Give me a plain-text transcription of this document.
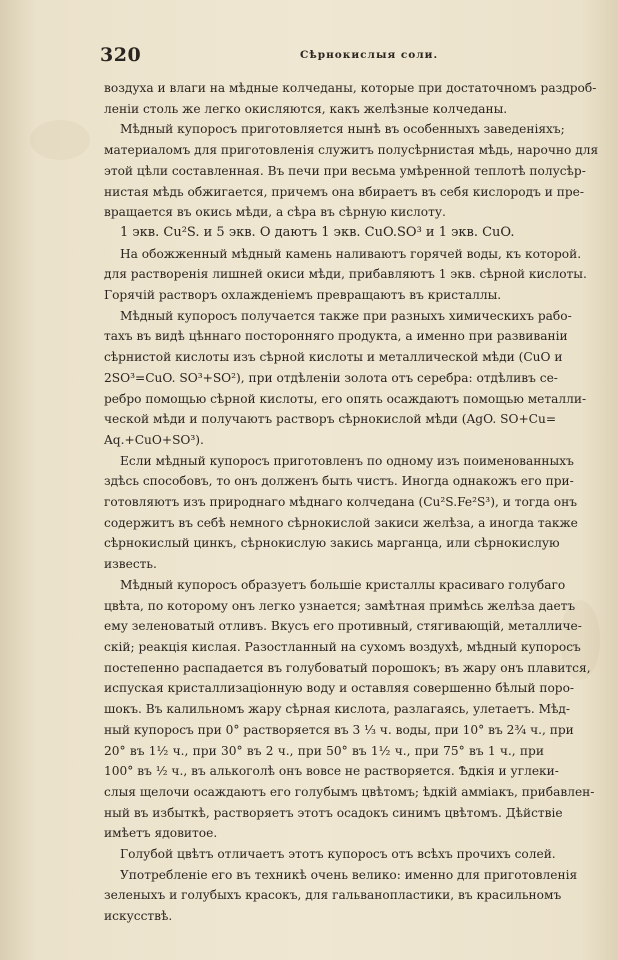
320	Сѣрнокислыя соли.
воздуха и влаги на мѣдные колчеданы, которые при достаточномъ раздроб-
леніи столь же легко окисляются, какъ желѣзные колчеданы.
Мѣдный купоросъ приготовляется нынѣ въ особенныхъ заведеніяхъ;
материаломъ для приготовленія служитъ полусѣрнистая мѣдь, нарочно для
этой цѣли составленная. Въ печи при весьма умѣренной теплотѣ полусѣр-
нистая мѣдь обжигается, причемъ она вбираетъ въ себя кислородъ и пре-
вращается въ окись мѣди, а сѣра въ сѣрную кислоту.
1 экв. Cu²S. и 5 экв. O даютъ 1 экв. CuO.SO³ и 1 экв. CuO.
На обожженный мѣдный камень наливаютъ горячей воды, къ которой.
для растворенія лишней окиси мѣди, прибавляютъ 1 экв. сѣрной кислоты.
Горячій растворъ охлажденіемъ превращаютъ въ кристаллы.
Мѣдный купоросъ получается также при разныхъ химическихъ рабо-
тахъ въ видѣ цѣннаго посторонняго продукта, а именно при развиваніи
сѣрнистой кислоты изъ сѣрной кислоты и металлической мѣди (CuO и
2SO³=CuO. SO³+SO²), при отдѣленіи золота отъ серебра: отдѣливъ се-
ребро помощью сѣрной кислоты, его опять осаждаютъ помощью металли-
ческой мѣди и получаютъ растворъ сѣрнокислой мѣди (AgO. SO+Cu=
Aq.+CuO+SO³).
Если мѣдный купоросъ приготовленъ по одному изъ поименованныхъ
здѣсь способовъ, то онъ долженъ быть чистъ. Иногда однакожъ его при-
готовляютъ изъ природнаго мѣднаго колчедана (Cu²S.Fe²S³), и тогда онъ
содержитъ въ себѣ немного сѣрнокислой закиси желѣза, а иногда также
сѣрнокислый цинкъ, сѣрнокислую закись марганца, или сѣрнокислую
известь.
Мѣдный купоросъ образуетъ большіе кристаллы красиваго голубаго
цвѣта, по которому онъ легко узнается; замѣтная примѣсь желѣза даетъ
ему зеленоватый отливъ. Вкусъ его противный, стягивающій, металличе-
скій; реакція кислая. Разостланный на сухомъ воздухѣ, мѣдный купоросъ
постепенно распадается въ голубоватый порошокъ; въ жару онъ плавится,
испуская кристаллизаціонную воду и оставляя совершенно бѣлый поро-
шокъ. Въ калильномъ жару сѣрная кислота, разлагаясь, улетаетъ. Мѣд-
ный купоросъ при 0° растворяется въ 3 ⅓ ч. воды, при 10° въ 2¾ ч., при
20° въ 1½ ч., при 30° въ 2 ч., при 50° въ 1½ ч., при 75° въ 1 ч., при
100° въ ½ ч., въ алькоголѣ онъ вовсе не растворяется. Ѣдкія и углеки-
слыя щелочи осаждаютъ его голубымъ цвѣтомъ; ѣдкій амміакъ, прибавлен-
ный въ избыткѣ, растворяетъ этотъ осадокъ синимъ цвѣтомъ. Дѣйствіе
имѣетъ ядовитое.
Голубой цвѣтъ отличаетъ этотъ купоросъ отъ всѣхъ прочихъ солей.
Употребленіе его въ техникѣ очень велико: именно для приготовленія
зеленыхъ и голубыхъ красокъ, для гальванопластики, въ красильномъ
искусствѣ.
